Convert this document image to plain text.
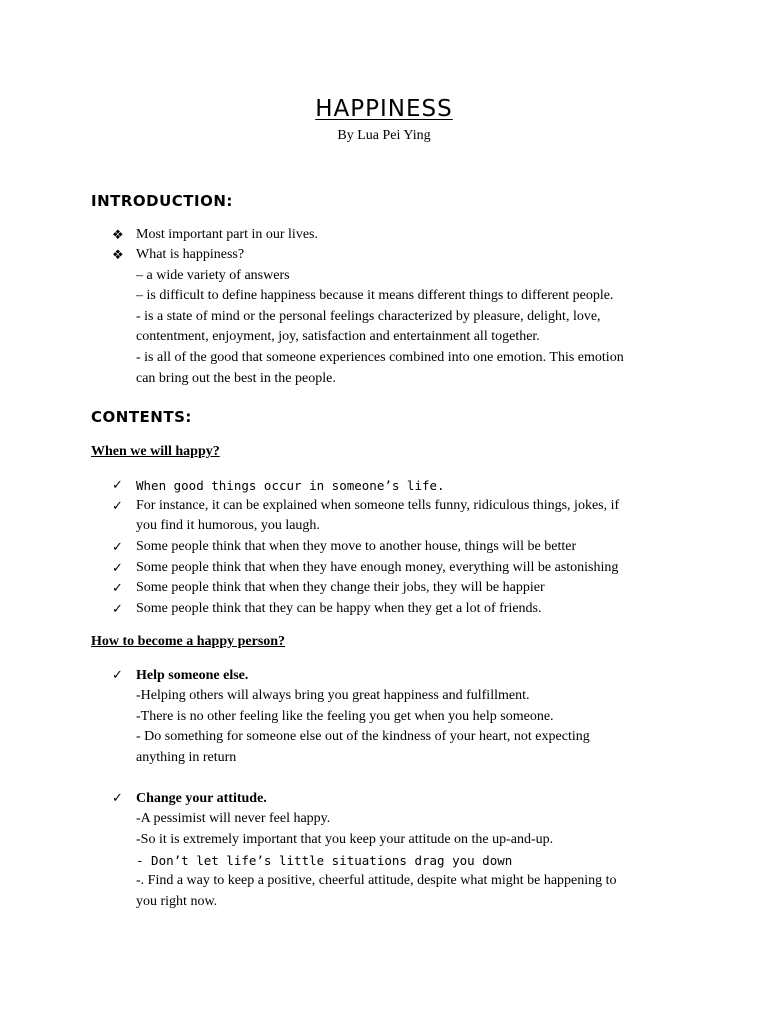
HAPPINESS
By Lua Pei Ying
INTRODUCTION:
❖ Most important part in our lives.
❖ What is happiness?
– a wide variety of answers
– is difficult to define happiness because it means different things to different people.
- is a state of mind or the personal feelings characterized by pleasure, delight, love,
contentment, enjoyment, joy, satisfaction and entertainment all together.
- is all of the good that someone experiences combined into one emotion. This emotion
can bring out the best in the people.
CONTENTS:
When we will happy?
✓ When good things occur in someone’s life.
✓ For instance, it can be explained when someone tells funny, ridiculous things, jokes, if
you find it humorous, you laugh.
✓ Some people think that when they move to another house, things will be better
✓ Some people think that when they have enough money, everything will be astonishing
✓ Some people think that when they change their jobs, they will be happier
✓ Some people think that they can be happy when they get a lot of friends.
How to become a happy person?
✓ Help someone else.
-Helping others will always bring you great happiness and fulfillment.
-There is no other feeling like the feeling you get when you help someone.
- Do something for someone else out of the kindness of your heart, not expecting
anything in return
✓ Change your attitude.
-A pessimist will never feel happy.
-So it is extremely important that you keep your attitude on the up-and-up.
- Don’t let life’s little situations drag you down
-. Find a way to keep a positive, cheerful attitude, despite what might be happening to
you right now.
